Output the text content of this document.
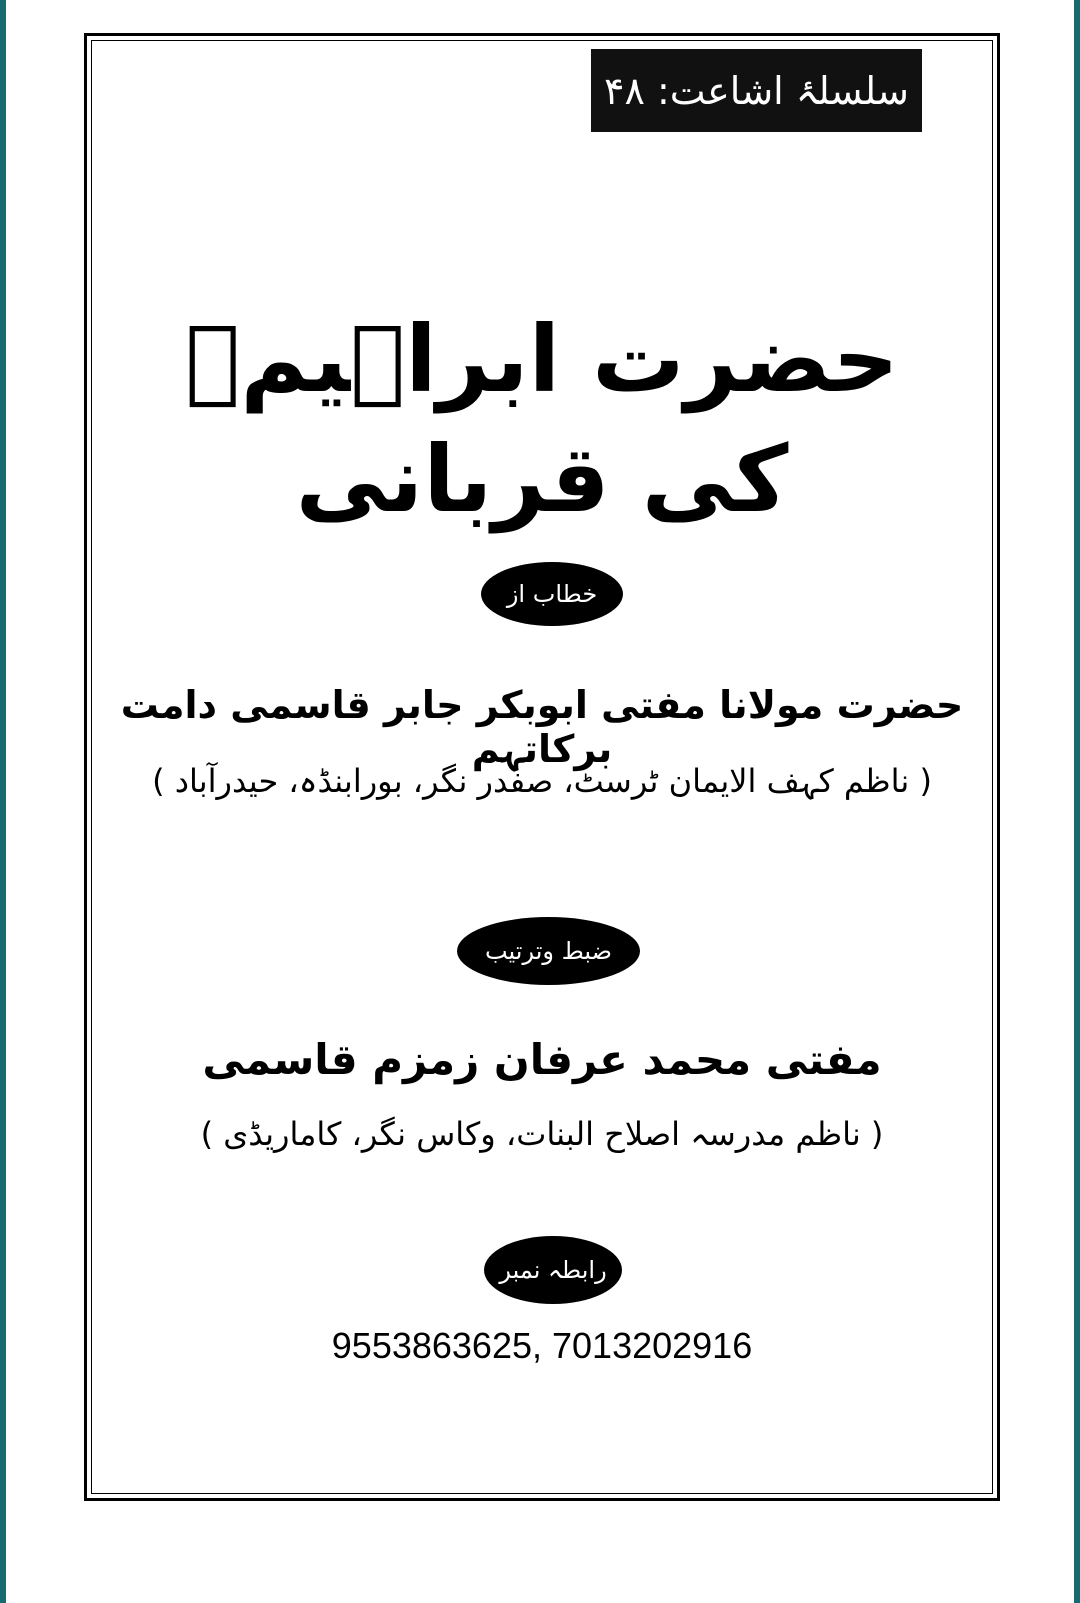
سلسلۂ اشاعت: ۴۸
حضرت ابراہیمؑ کی قربانی
خطاب از
حضرت مولانا مفتی ابوبکر جابر قاسمی دامت برکاتہم
( ناظم کہف الایمان ٹرسٹ، صفدر نگر، بورابنڈہ، حیدرآباد )
ضبط وترتیب
مفتی محمد عرفان زمزم قاسمی
( ناظم مدرسہ اصلاح البنات، وکاس نگر، کاماریڈی )
رابطہ نمبر
9553863625, 7013202916
